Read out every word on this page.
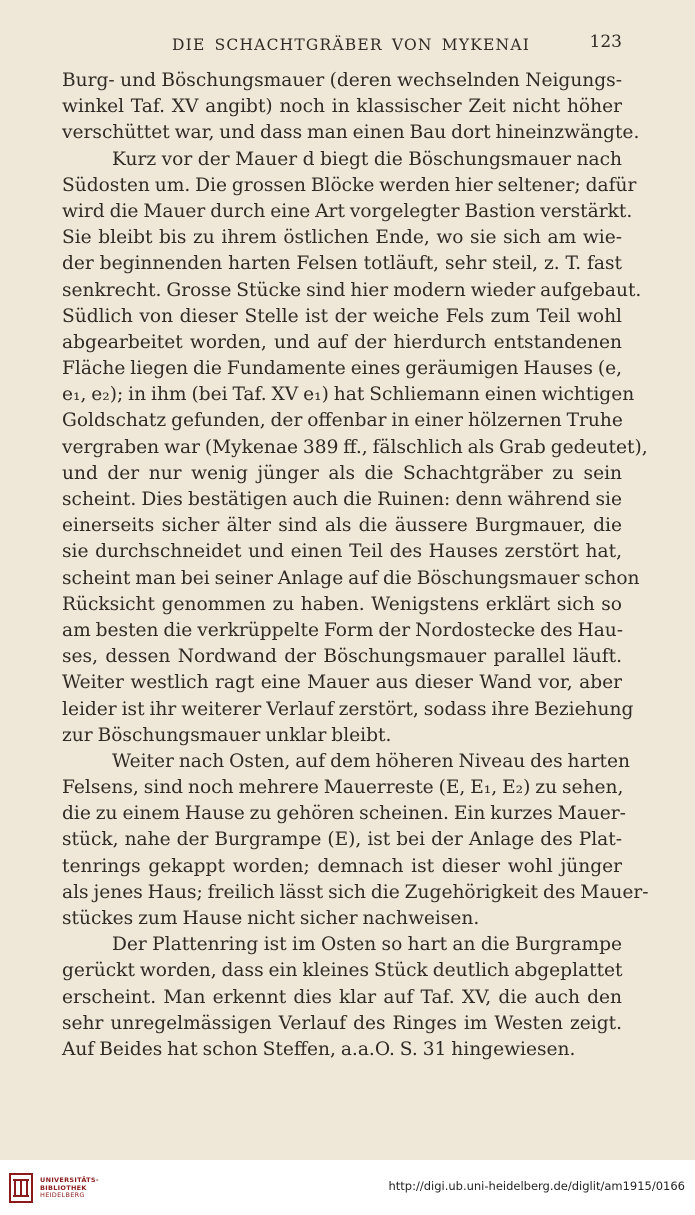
DIE SCHACHTGRÄBER VON MYKENAI	123
Burg- und Böschungsmauer (deren wechselnden Neigungs-
winkel Taf. XV angibt) noch in klassischer Zeit nicht höher
verschüttet war, und dass man einen Bau dort hineinzwängte.
Kurz vor der Mauer d biegt die Böschungsmauer nach
Südosten um. Die grossen Blöcke werden hier seltener; dafür
wird die Mauer durch eine Art vorgelegter Bastion verstärkt.
Sie bleibt bis zu ihrem östlichen Ende, wo sie sich am wie-
der beginnenden harten Felsen totläuft, sehr steil, z. T. fast
senkrecht. Grosse Stücke sind hier modern wieder aufgebaut.
Südlich von dieser Stelle ist der weiche Fels zum Teil wohl
abgearbeitet worden, und auf der hierdurch entstandenen
Fläche liegen die Fundamente eines geräumigen Hauses (e,
e₁, e₂); in ihm (bei Taf. XV e₁) hat Schliemann einen wichtigen
Goldschatz gefunden, der offenbar in einer hölzernen Truhe
vergraben war (Mykenae 389 ff., fälschlich als Grab gedeutet),
und der nur wenig jünger als die Schachtgräber zu sein
scheint. Dies bestätigen auch die Ruinen: denn während sie
einerseits sicher älter sind als die äussere Burgmauer, die
sie durchschneidet und einen Teil des Hauses zerstört hat,
scheint man bei seiner Anlage auf die Böschungsmauer schon
Rücksicht genommen zu haben. Wenigstens erklärt sich so
am besten die verkrüppelte Form der Nordostecke des Hau-
ses, dessen Nordwand der Böschungsmauer parallel läuft.
Weiter westlich ragt eine Mauer aus dieser Wand vor, aber
leider ist ihr weiterer Verlauf zerstört, sodass ihre Beziehung
zur Böschungsmauer unklar bleibt.
Weiter nach Osten, auf dem höheren Niveau des harten
Felsens, sind noch mehrere Mauerreste (E, E₁, E₂) zu sehen,
die zu einem Hause zu gehören scheinen. Ein kurzes Mauer-
stück, nahe der Burgrampe (E), ist bei der Anlage des Plat-
tenrings gekappt worden; demnach ist dieser wohl jünger
als jenes Haus; freilich lässt sich die Zugehörigkeit des Mauer-
stückes zum Hause nicht sicher nachweisen.
Der Plattenring ist im Osten so hart an die Burgrampe
gerückt worden, dass ein kleines Stück deutlich abgeplattet
erscheint. Man erkennt dies klar auf Taf. XV, die auch den
sehr unregelmässigen Verlauf des Ringes im Westen zeigt.
Auf Beides hat schon Steffen, a.a.O. S. 31 hingewiesen.
UNIVERSITÄTS-
BIBLIOTHEK
HEIDELBERG
http://digi.ub.uni-heidelberg.de/diglit/am1915/0166
